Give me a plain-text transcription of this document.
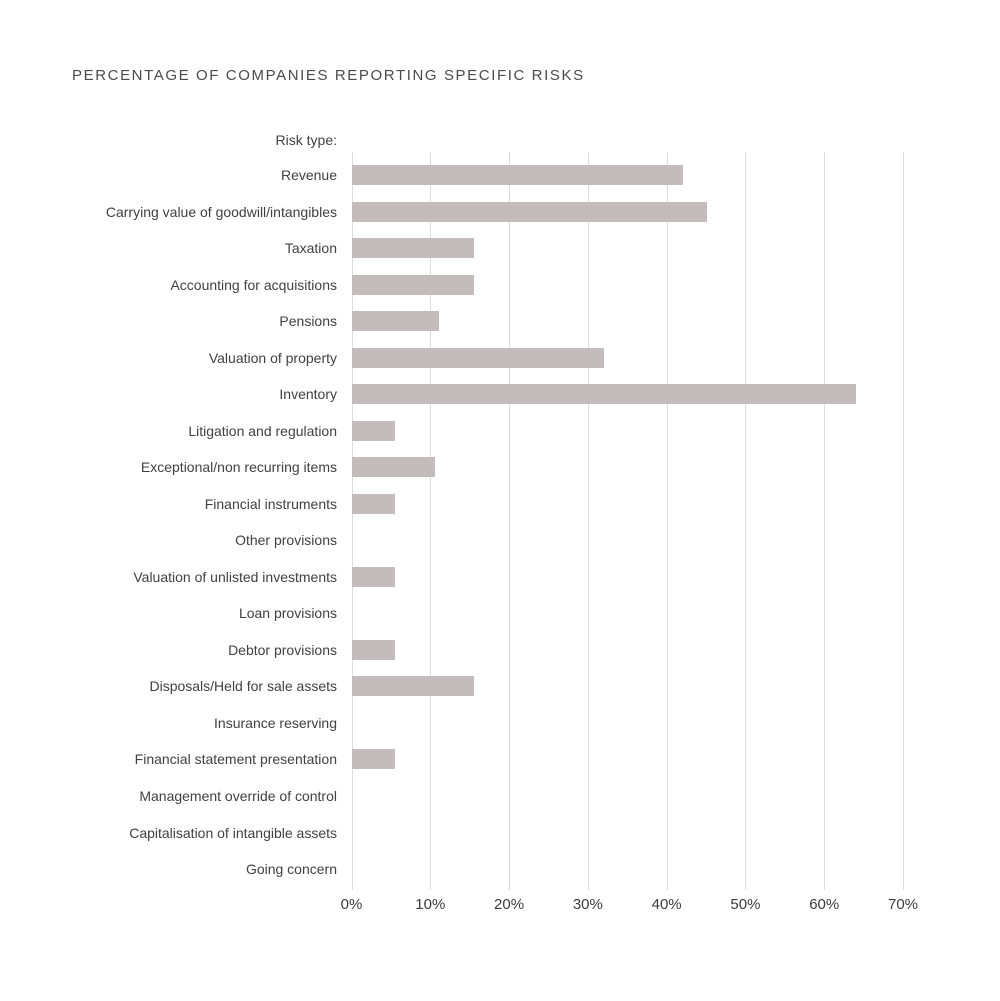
PERCENTAGE OF COMPANIES REPORTING SPECIFIC RISKS
Risk type:
Revenue
Carrying value of goodwill/intangibles
Taxation
Accounting for acquisitions
Pensions
Valuation of property
Inventory
Litigation and regulation
Exceptional/non recurring items
Financial instruments
Other provisions
Valuation of unlisted investments
Loan provisions
Debtor provisions
Disposals/Held for sale assets
Insurance reserving
Financial statement presentation
Management override of control
Capitalisation of intangible assets
Going concern
0%	10%	20%	30%	40%	50%	60%	70%
